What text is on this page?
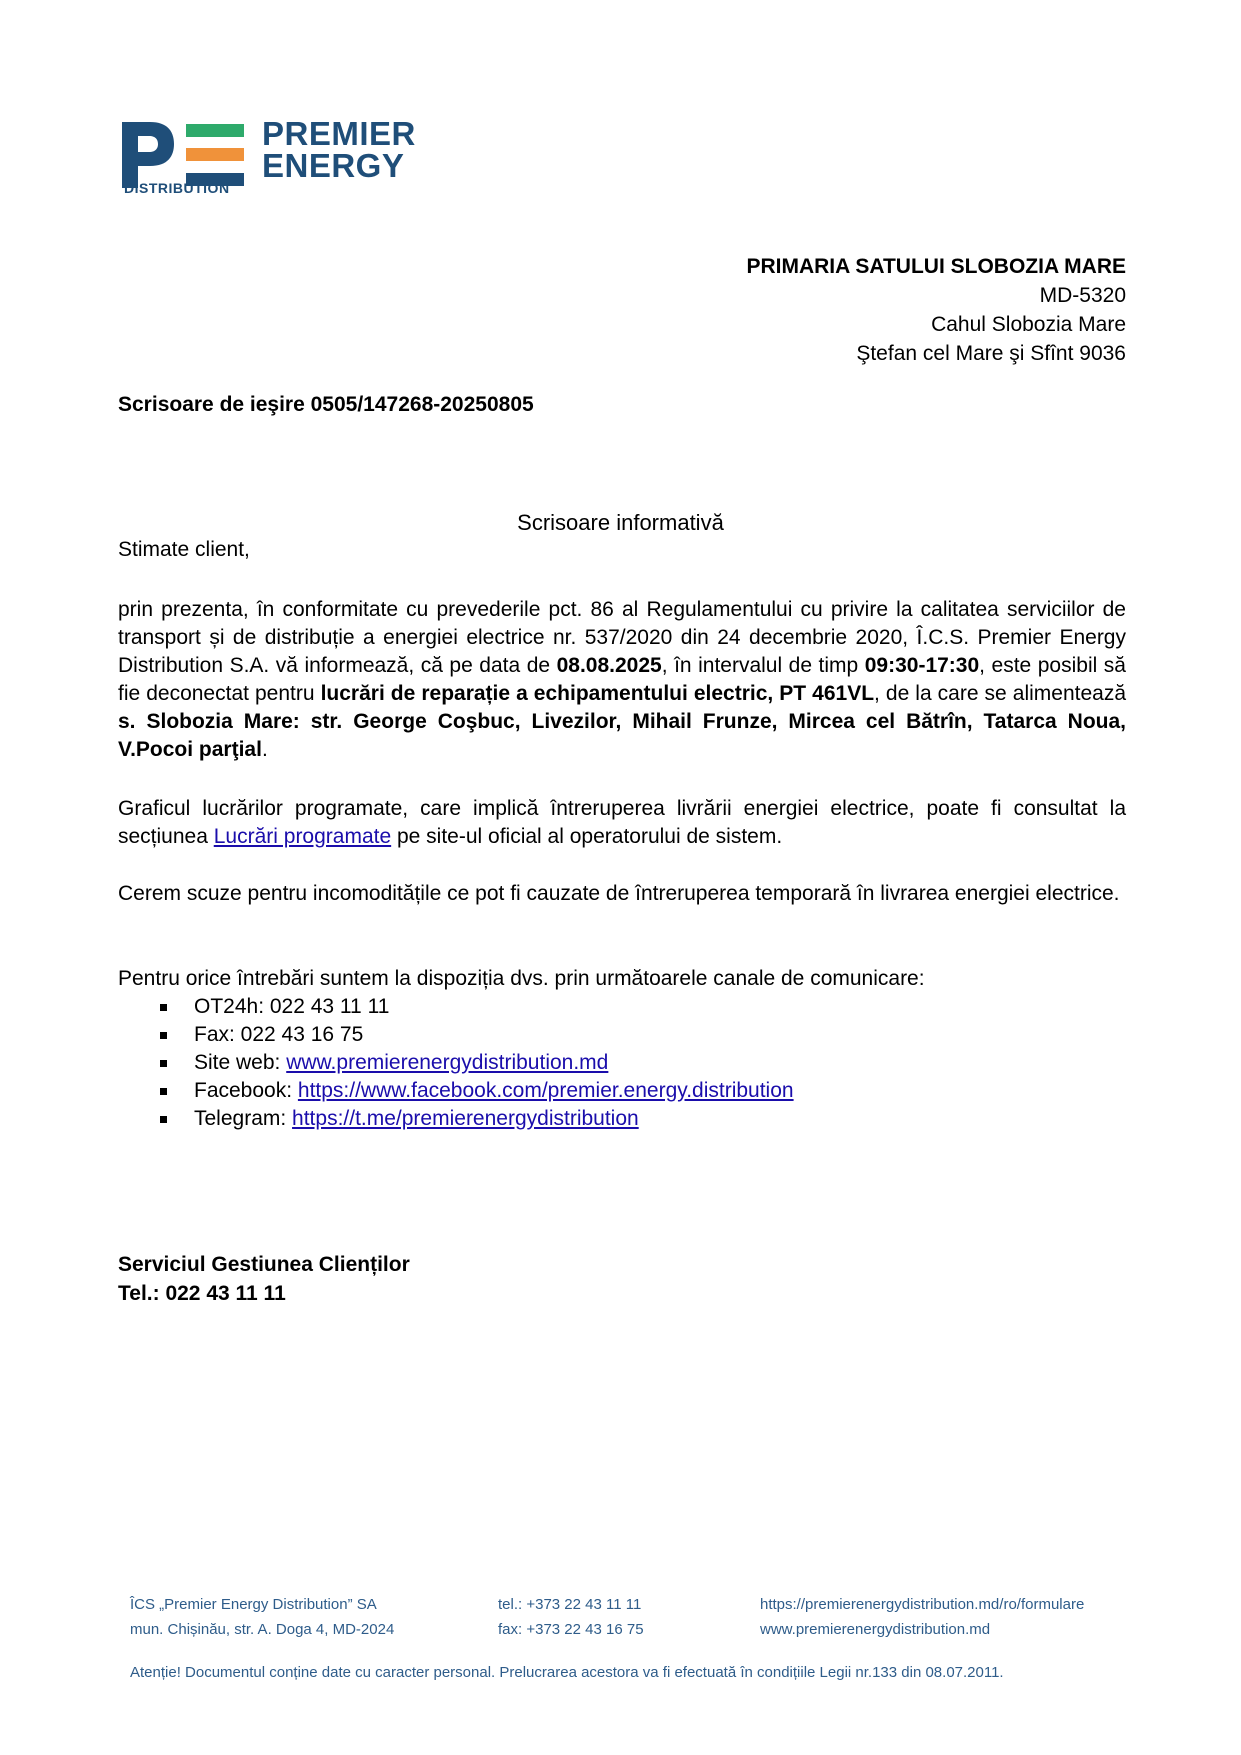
PREMIER
ENERGY
DISTRIBUTION
PRIMARIA SATULUI SLOBOZIA MARE
MD-5320
Cahul Slobozia Mare
Ştefan cel Mare şi Sfînt 9036
Scrisoare de ieşire 0505/147268-20250805
Scrisoare informativă
Stimate client,
prin prezenta, în conformitate cu prevederile pct. 86 al Regulamentului cu privire la calitatea serviciilor de transport și de distribuție a energiei electrice nr. 537/2020 din 24 decembrie 2020, Î.C.S. Premier Energy Distribution S.A. vă informează, că pe data de 08.08.2025, în intervalul de timp 09:30-17:30, este posibil să fie deconectat pentru lucrări de reparație a echipamentului electric, PT 461VL, de la care se alimentează s. Slobozia Mare: str. George Coşbuc, Livezilor, Mihail Frunze, Mircea cel Bătrîn, Tatarca Noua, V.Pocoi parţial.
Graficul lucrărilor programate, care implică întreruperea livrării energiei electrice, poate fi consultat la secțiunea Lucrări programate pe site-ul oficial al operatorului de sistem.
Cerem scuze pentru incomoditățile ce pot fi cauzate de întreruperea temporară în livrarea energiei electrice.
Pentru orice întrebări suntem la dispoziția dvs. prin următoarele canale de comunicare:
OT24h: 022 43 11 11
Fax: 022 43 16 75
Site web: www.premierenergydistribution.md
Facebook: https://www.facebook.com/premier.energy.distribution
Telegram: https://t.me/premierenergydistribution
Serviciul Gestiunea Clienților
Tel.: 022 43 11 11
ÎCS „Premier Energy Distribution” SA
mun. Chișinău, str. A. Doga 4, MD-2024
tel.: +373 22 43 11 11
fax: +373 22 43 16 75
https://premierenergydistribution.md/ro/formulare
www.premierenergydistribution.md
Atenție! Documentul conține date cu caracter personal. Prelucrarea acestora va fi efectuată în condițiile Legii nr.133 din 08.07.2011.
